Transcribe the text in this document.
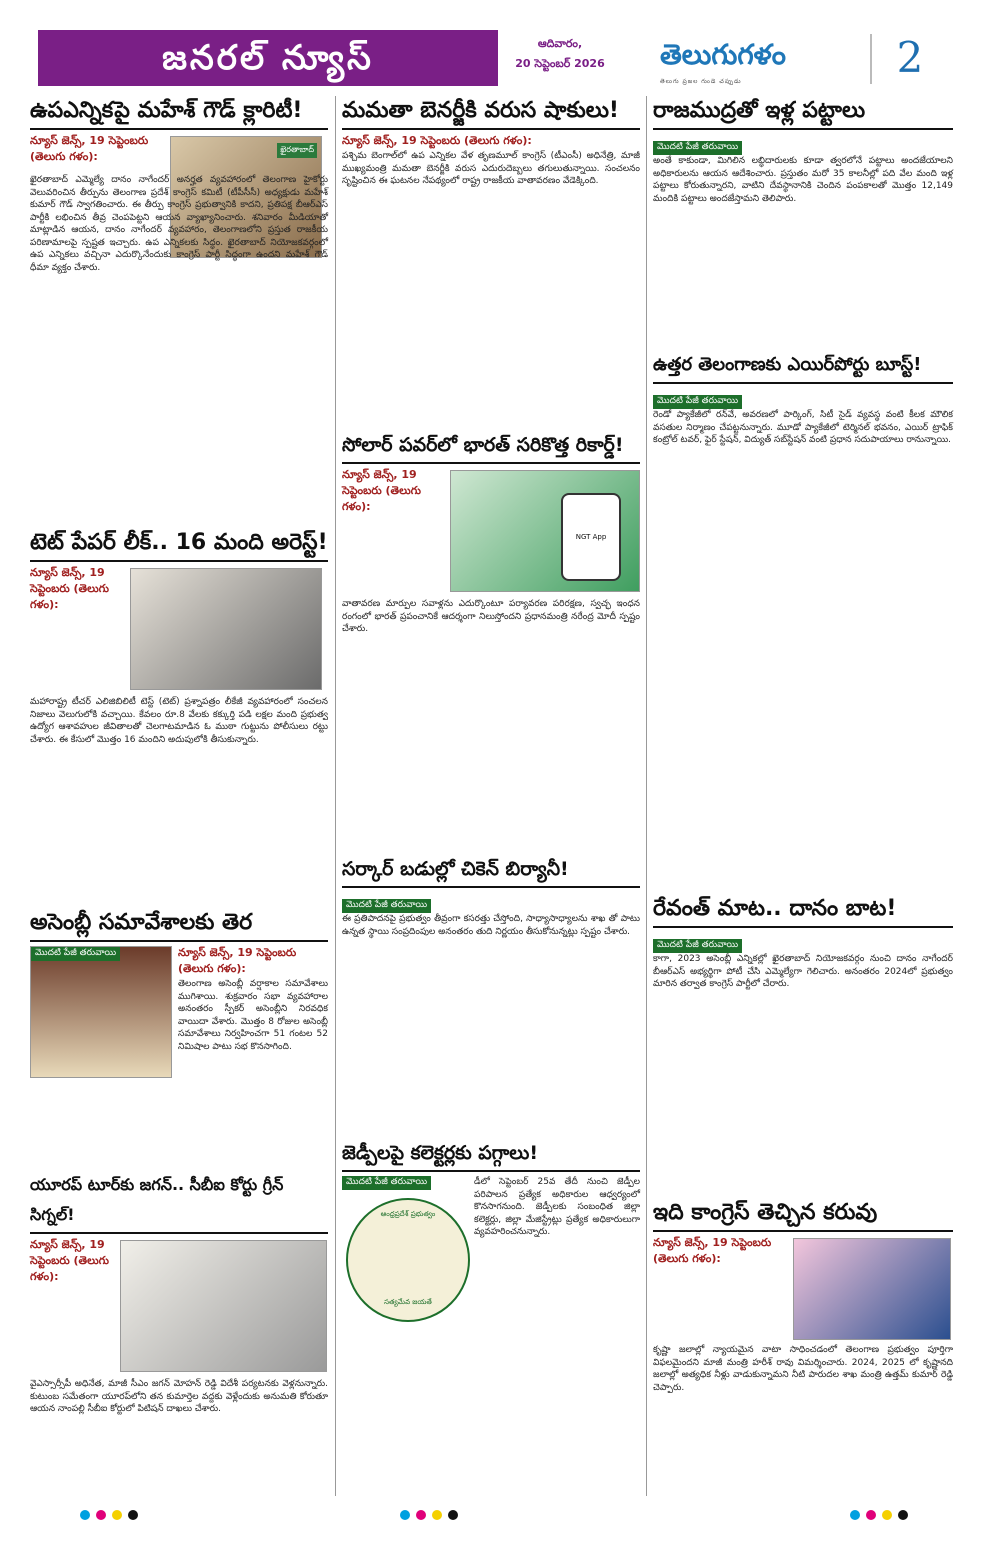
జనరల్ న్యూస్	ఆదివారం,
20 సెప్టెంబర్ 2026 తెలుగుగళం
తెలుగు ప్రజల గుండె చప్పుడు	2
ఉపఎన్నికపై మహేశ్ గౌడ్ క్లారిటీ!
ఖైరతాబాద్
న్యూస్ జెన్స్, 19 సెప్టెంబరు (తెలుగు గళం):
ఖైరతాబాద్ ఎమ్మెల్యే దానం నాగేందర్ అనర్హత వ్యవహారంలో తెలంగాణ హైకోర్టు వెలువరించిన తీర్పును తెలంగాణ ప్రదేశ్ కాంగ్రెస్ కమిటీ (టీపీసీసీ) అధ్యక్షుడు మహేశ్ కుమార్ గౌడ్ స్వాగతించారు. ఈ తీర్పు కాంగ్రెస్ ప్రభుత్వానికి కాదని, ప్రతిపక్ష బీఆర్‌ఎస్ పార్టీకి లభించిన తీవ్ర చెంపపెట్టని ఆయన వ్యాఖ్యానించారు. శనివారం మీడియాతో మాట్లాడిన ఆయన, దానం నాగేందర్ వ్యవహారం, తెలంగాణలోని ప్రస్తుత రాజకీయ పరిణామాలపై స్పష్టత ఇచ్చారు. ఉప ఎన్నికలకు సిద్ధం. ఖైరతాబాద్ నియోజకవర్గంలో ఉప ఎన్నికలు వచ్చినా ఎదుర్కొనేందుకు కాంగ్రెస్ పార్టీ సిద్ధంగా ఉందని మహేశ్ గౌడ్ ధీమా వ్యక్తం చేశారు.
టెట్ పేపర్ లీక్.. 16 మంది అరెస్ట్!
న్యూస్ జెన్స్, 19 సెప్టెంబరు (తెలుగు గళం):
మహారాష్ట్ర టీచర్ ఎలిజిబిలిటీ టెస్ట్ (టెట్) ప్రశ్నాపత్రం లీకేజీ వ్యవహారంలో సంచలన నిజాలు వెలుగులోకి వచ్చాయి. కేవలం రూ.8 వేలకు కక్కుర్తి పడి లక్షల మంది ప్రభుత్వ ఉద్యోగ ఆశావహుల జీవితాలతో చెలగాటమాడిన ఓ ముఠా గుట్టును పోలీసులు రట్టు చేశారు. ఈ కేసులో మొత్తం 16 మందిని అదుపులోకి తీసుకున్నారు.
అసెంబ్లీ సమావేశాలకు తెర
మొదటి పేజీ తరువాయి	న్యూస్ జెన్స్, 19 సెప్టెంబరు (తెలుగు గళం):
తెలంగాణ అసెంబ్లీ వర్షాకాల సమావేశాలు ముగిశాయి. శుక్రవారం సభా వ్యవహారాల అనంతరం స్పీకర్ అసెంబ్లీని నిరవధిక వాయిదా వేశారు. మొత్తం 8 రోజుల అసెంబ్లీ సమావేశాలు నిర్వహించగా 51 గంటల 52 నిమిషాల పాటు సభ కొనసాగింది.
యూరప్ టూర్‌కు జగన్.. సీబీఐ కోర్టు గ్రీన్ సిగ్నల్!
న్యూస్ జెన్స్, 19 సెప్టెంబరు (తెలుగు గళం):
వైఎస్సార్సీపీ అధినేత, మాజీ సీఎం జగన్ మోహన్ రెడ్డి విదేశీ పర్యటనకు వెళ్లనున్నారు. కుటుంబ సమేతంగా యూరప్‌లోని తన కుమార్తెల వద్దకు వెళ్లేందుకు అనుమతి కోరుతూ ఆయన నాంపల్లి సీబీఐ కోర్టులో పిటిషన్ దాఖలు చేశారు.
మమతా బెనర్జీకి వరుస షాకులు!
న్యూస్ జెన్స్, 19 సెప్టెంబరు (తెలుగు గళం):
పశ్చిమ బెంగాల్‌లో ఉప ఎన్నికల వేళ తృణమూల్ కాంగ్రెస్ (టీఎంసీ) అధినేత్రి, మాజీ ముఖ్యమంత్రి మమతా బెనర్జీకి వరుస ఎదురుదెబ్బలు తగులుతున్నాయి. సంచలనం సృష్టించిన ఈ ఘటనల నేపథ్యంలో రాష్ట్ర రాజకీయ వాతావరణం వేడెక్కింది.
సోలార్ పవర్‌లో భారత్ సరికొత్త రికార్డ్!
NGT App
న్యూస్ జెన్స్, 19 సెప్టెంబరు (తెలుగు గళం):
వాతావరణ మార్పుల సవాళ్లను ఎదుర్కొంటూ పర్యావరణ పరిరక్షణ, స్వచ్ఛ ఇంధన రంగంలో భారత్ ప్రపంచానికే ఆదర్శంగా నిలుస్తోందని ప్రధానమంత్రి నరేంద్ర మోదీ స్పష్టం చేశారు.
సర్కార్ బడుల్లో చికెన్ బిర్యానీ!
మొదటి పేజీ తరువాయి
ఈ ప్రతిపాదనపై ప్రభుత్వం తీవ్రంగా కసరత్తు చేస్తోంది, సాధ్యాసాధ్యాలను శాఖ తో పాటు ఉన్నత స్థాయి సంప్రదింపుల అనంతరం తుది నిర్ణయం తీసుకోనున్నట్లు స్పష్టం చేశారు.
జెడ్పీలపై కలెక్టర్లకు పగ్గాలు!
మొదటి పేజీ తరువాయి
ఆంధ్రప్రదేశ్ ప్రభుత్వం
సత్యమేవ జయతే
డీలో సెప్టెంబర్ 25వ తేదీ నుంచి జెడ్పీల పరిపాలన ప్రత్యేక అధికారుల ఆధ్వర్యంలో కొనసాగనుంది. జెడ్పీలకు సంబంధిత జిల్లా కలెక్టర్లు, జిల్లా మేజిస్ట్రేట్లు ప్రత్యేక అధికారులుగా వ్యవహరించనున్నారు.
రాజముద్రతో ఇళ్ల పట్టాలు
మొదటి పేజీ తరువాయి
అంతే కాకుండా, మిగిలిన లబ్ధిదారులకు కూడా త్వరలోనే పట్టాలు అందజేయాలని అధికారులను ఆయన ఆదేశించారు. ప్రస్తుతం మరో 35 కాలనీల్లో పది వేల మంది ఇళ్ల పట్టాలు కోరుతున్నారని, వాటిని దేవస్థానానికి చెందిన పంపకాలతో మొత్తం 12,149 మందికి పట్టాలు అందజేస్తామని తెలిపారు.
ఉత్తర తెలంగాణకు ఎయిర్‌పోర్టు బూస్ట్!
మొదటి పేజీ తరువాయి
రెండో ప్యాకేజీలో రన్‌వే, అవరణలో పార్కింగ్, సిటీ సైడ్ వ్యవస్థ వంటి కీలక మౌలిక వసతుల నిర్మాణం చేపట్టనున్నారు. మూడో ప్యాకేజీలో టెర్మినల్ భవనం, ఎయిర్ ట్రాఫిక్ కంట్రోల్ టవర్, ఫైర్ స్టేషన్, విద్యుత్ సబ్‌స్టేషన్ వంటి ప్రధాన సదుపాయాలు రానున్నాయి.
రేవంత్ మాట.. దానం బాట!
మొదటి పేజీ తరువాయి
కాగా, 2023 అసెంబ్లీ ఎన్నికల్లో ఖైరతాబాద్ నియోజకవర్గం నుంచి దానం నాగేందర్ బీఆర్‌ఎస్ అభ్యర్థిగా పోటీ చేసి ఎమ్మెల్యేగా గెలిచారు. అనంతరం 2024లో ప్రభుత్వం మారిన తర్వాత కాంగ్రెస్ పార్టీలో చేరారు.
ఇది కాంగ్రెస్ తెచ్చిన కరువు
న్యూస్ జెన్స్, 19 సెప్టెంబరు (తెలుగు గళం):
కృష్ణా జలాల్లో న్యాయమైన వాటా సాధించడంలో తెలంగాణ ప్రభుత్వం పూర్తిగా విఫలమైందని మాజీ మంత్రి హరీశ్ రావు విమర్శించారు. 2024, 2025 లో కృష్ణానది జలాల్లో అత్యధిక నీళ్లు వాడుకున్నామని నీటి పారుదల శాఖ మంత్రి ఉత్తమ్ కుమార్ రెడ్డి చెప్పారు.
